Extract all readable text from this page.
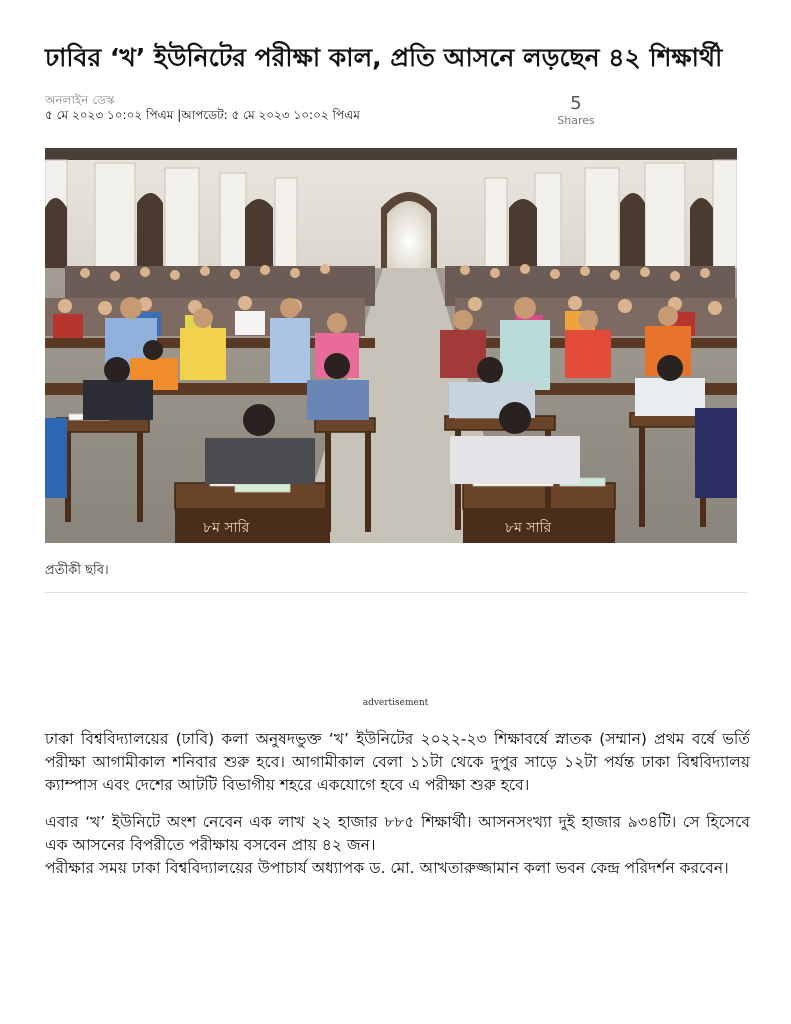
ঢাবির ‘খ’ ইউনিটের পরীক্ষা কাল, প্রতি আসনে লড়ছেন ৪২ শিক্ষার্থী
অনলাইন ডেস্ক
৫ মে ২০২৩ ১০:০২ পিএম |আপডেট: ৫ মে ২০২৩ ১০:০২ পিএম
5
Shares
৮ম সারি	৮ম সারি
প্রতীকী ছবি।
advertisement

ঢাকা বিশ্ববিদ্যালয়ের (ঢাবি) কলা অনুষদভুক্ত ‘খ’ ইউনিটের ২০২২-২৩ শিক্ষাবর্ষে স্নাতক (সম্মান) প্রথম বর্ষে ভর্তি পরীক্ষা আগামীকাল শনিবার শুরু হবে। আগামীকাল বেলা ১১টা থেকে দুপুর সাড়ে ১২টা পর্যন্ত ঢাকা বিশ্ববিদ্যালয় ক্যাম্পাস এবং দেশের আটটি বিভাগীয় শহরে একযোগে হবে এ পরীক্ষা শুরু হবে।

এবার ‘খ’ ইউনিটে অংশ নেবেন এক লাখ ২২ হাজার ৮৮৫ শিক্ষার্থী। আসনসংখ্যা দুই হাজার ৯৩৪টি। সে হিসেবে এক আসনের বিপরীতে পরীক্ষায় বসবেন প্রায় ৪২ জন।

পরীক্ষার সময় ঢাকা বিশ্ববিদ্যালয়ের উপাচার্য অধ্যাপক ড. মো. আখতারুজ্জামান কলা ভবন কেন্দ্র পরিদর্শন করবেন।
